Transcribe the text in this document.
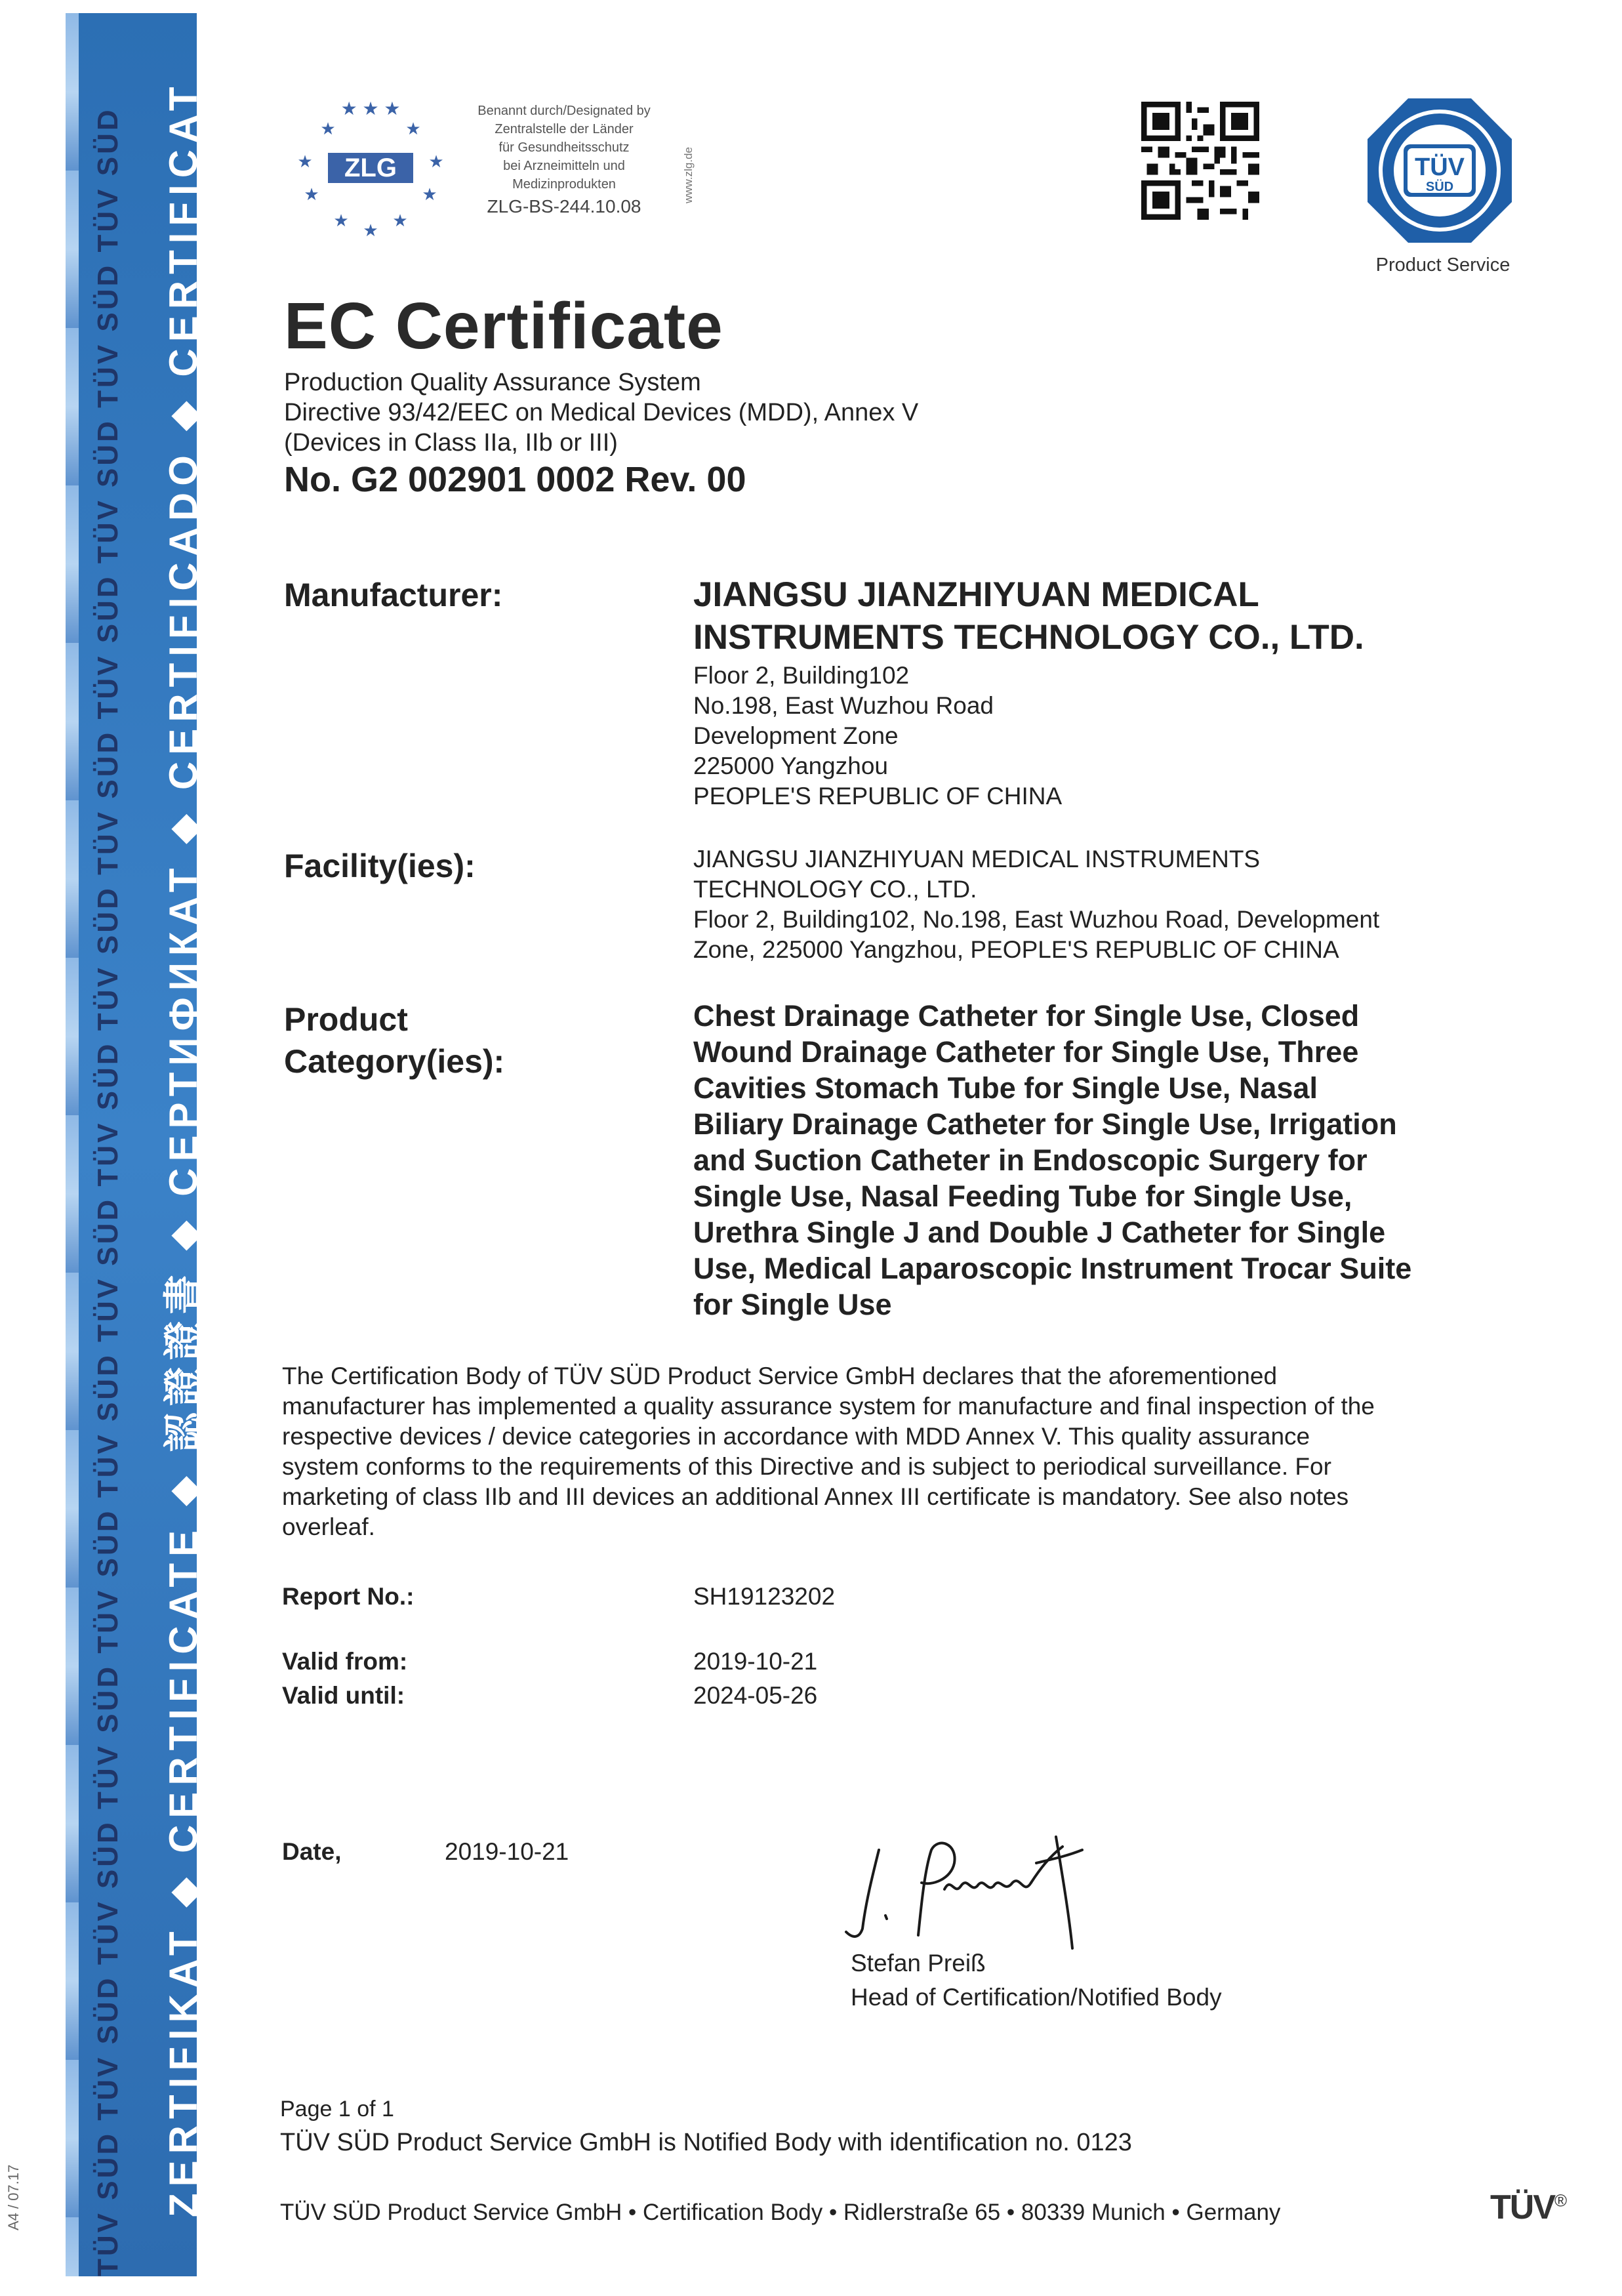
TÜV SÜD TÜV SÜD TÜV SÜD TÜV SÜD TÜV SÜD TÜV SÜD TÜV SÜD TÜV SÜD TÜV SÜD TÜV SÜD TÜV SÜD TÜV SÜD TÜV SÜD TÜV SÜD ZERTIFIKAT ◆ CERTIFICATE ◆ 認證證書 ◆ СЕРТИФИКАТ ◆ CERTIFICADO ◆ CERTIFICAT
A4 / 07.17
★ ★ ★
★	★
★	★
★	★
★	★
★
ZLG
Benannt durch/Designated by
Zentralstelle der Länder
für Gesundheitsschutz
bei Arzneimitteln und
Medizinprodukten
ZLG-BS-244.10.08
www.zlg.de	TÜV
SÜD
Product Service
EC Certificate
Production Quality Assurance System
Directive 93/42/EEC on Medical Devices (MDD), Annex V
(Devices in Class IIa, IIb or III)
No. G2 002901 0002 Rev. 00
Manufacturer:	JIANGSU JIANZHIYUAN MEDICAL
INSTRUMENTS TECHNOLOGY CO., LTD.
Floor 2, Building102
No.198, East Wuzhou Road
Development Zone
225000 Yangzhou
PEOPLE'S REPUBLIC OF CHINA
Facility(ies):	JIANGSU JIANZHIYUAN MEDICAL INSTRUMENTS
TECHNOLOGY CO., LTD.
Floor 2, Building102, No.198, East Wuzhou Road, Development
Zone, 225000 Yangzhou, PEOPLE'S REPUBLIC OF CHINA
Product
Category(ies):
Chest Drainage Catheter for Single Use, Closed
Wound Drainage Catheter for Single Use, Three
Cavities Stomach Tube for Single Use, Nasal
Biliary Drainage Catheter for Single Use, Irrigation
and Suction Catheter in Endoscopic Surgery for
Single Use, Nasal Feeding Tube for Single Use,
Urethra Single J and Double J Catheter for Single
Use, Medical Laparoscopic Instrument Trocar Suite
for Single Use
The Certification Body of TÜV SÜD Product Service GmbH declares that the aforementioned
manufacturer has implemented a quality assurance system for manufacture and final inspection of the
respective devices / device categories in accordance with MDD Annex V. This quality assurance
system conforms to the requirements of this Directive and is subject to periodical surveillance. For
marketing of class IIb and III devices an additional Annex III certificate is mandatory. See also notes
overleaf.
Report No.:	SH19123202
Valid from:	2019-10-21
Valid until:	2024-05-26
Date,	2019-10-21
Stefan Preiß
Head of Certification/Notified Body
Page 1 of 1
TÜV SÜD Product Service GmbH is Notified Body with identification no. 0123
TÜV SÜD Product Service GmbH • Certification Body • Ridlerstraße 65 • 80339 Munich • Germany	TÜV®
